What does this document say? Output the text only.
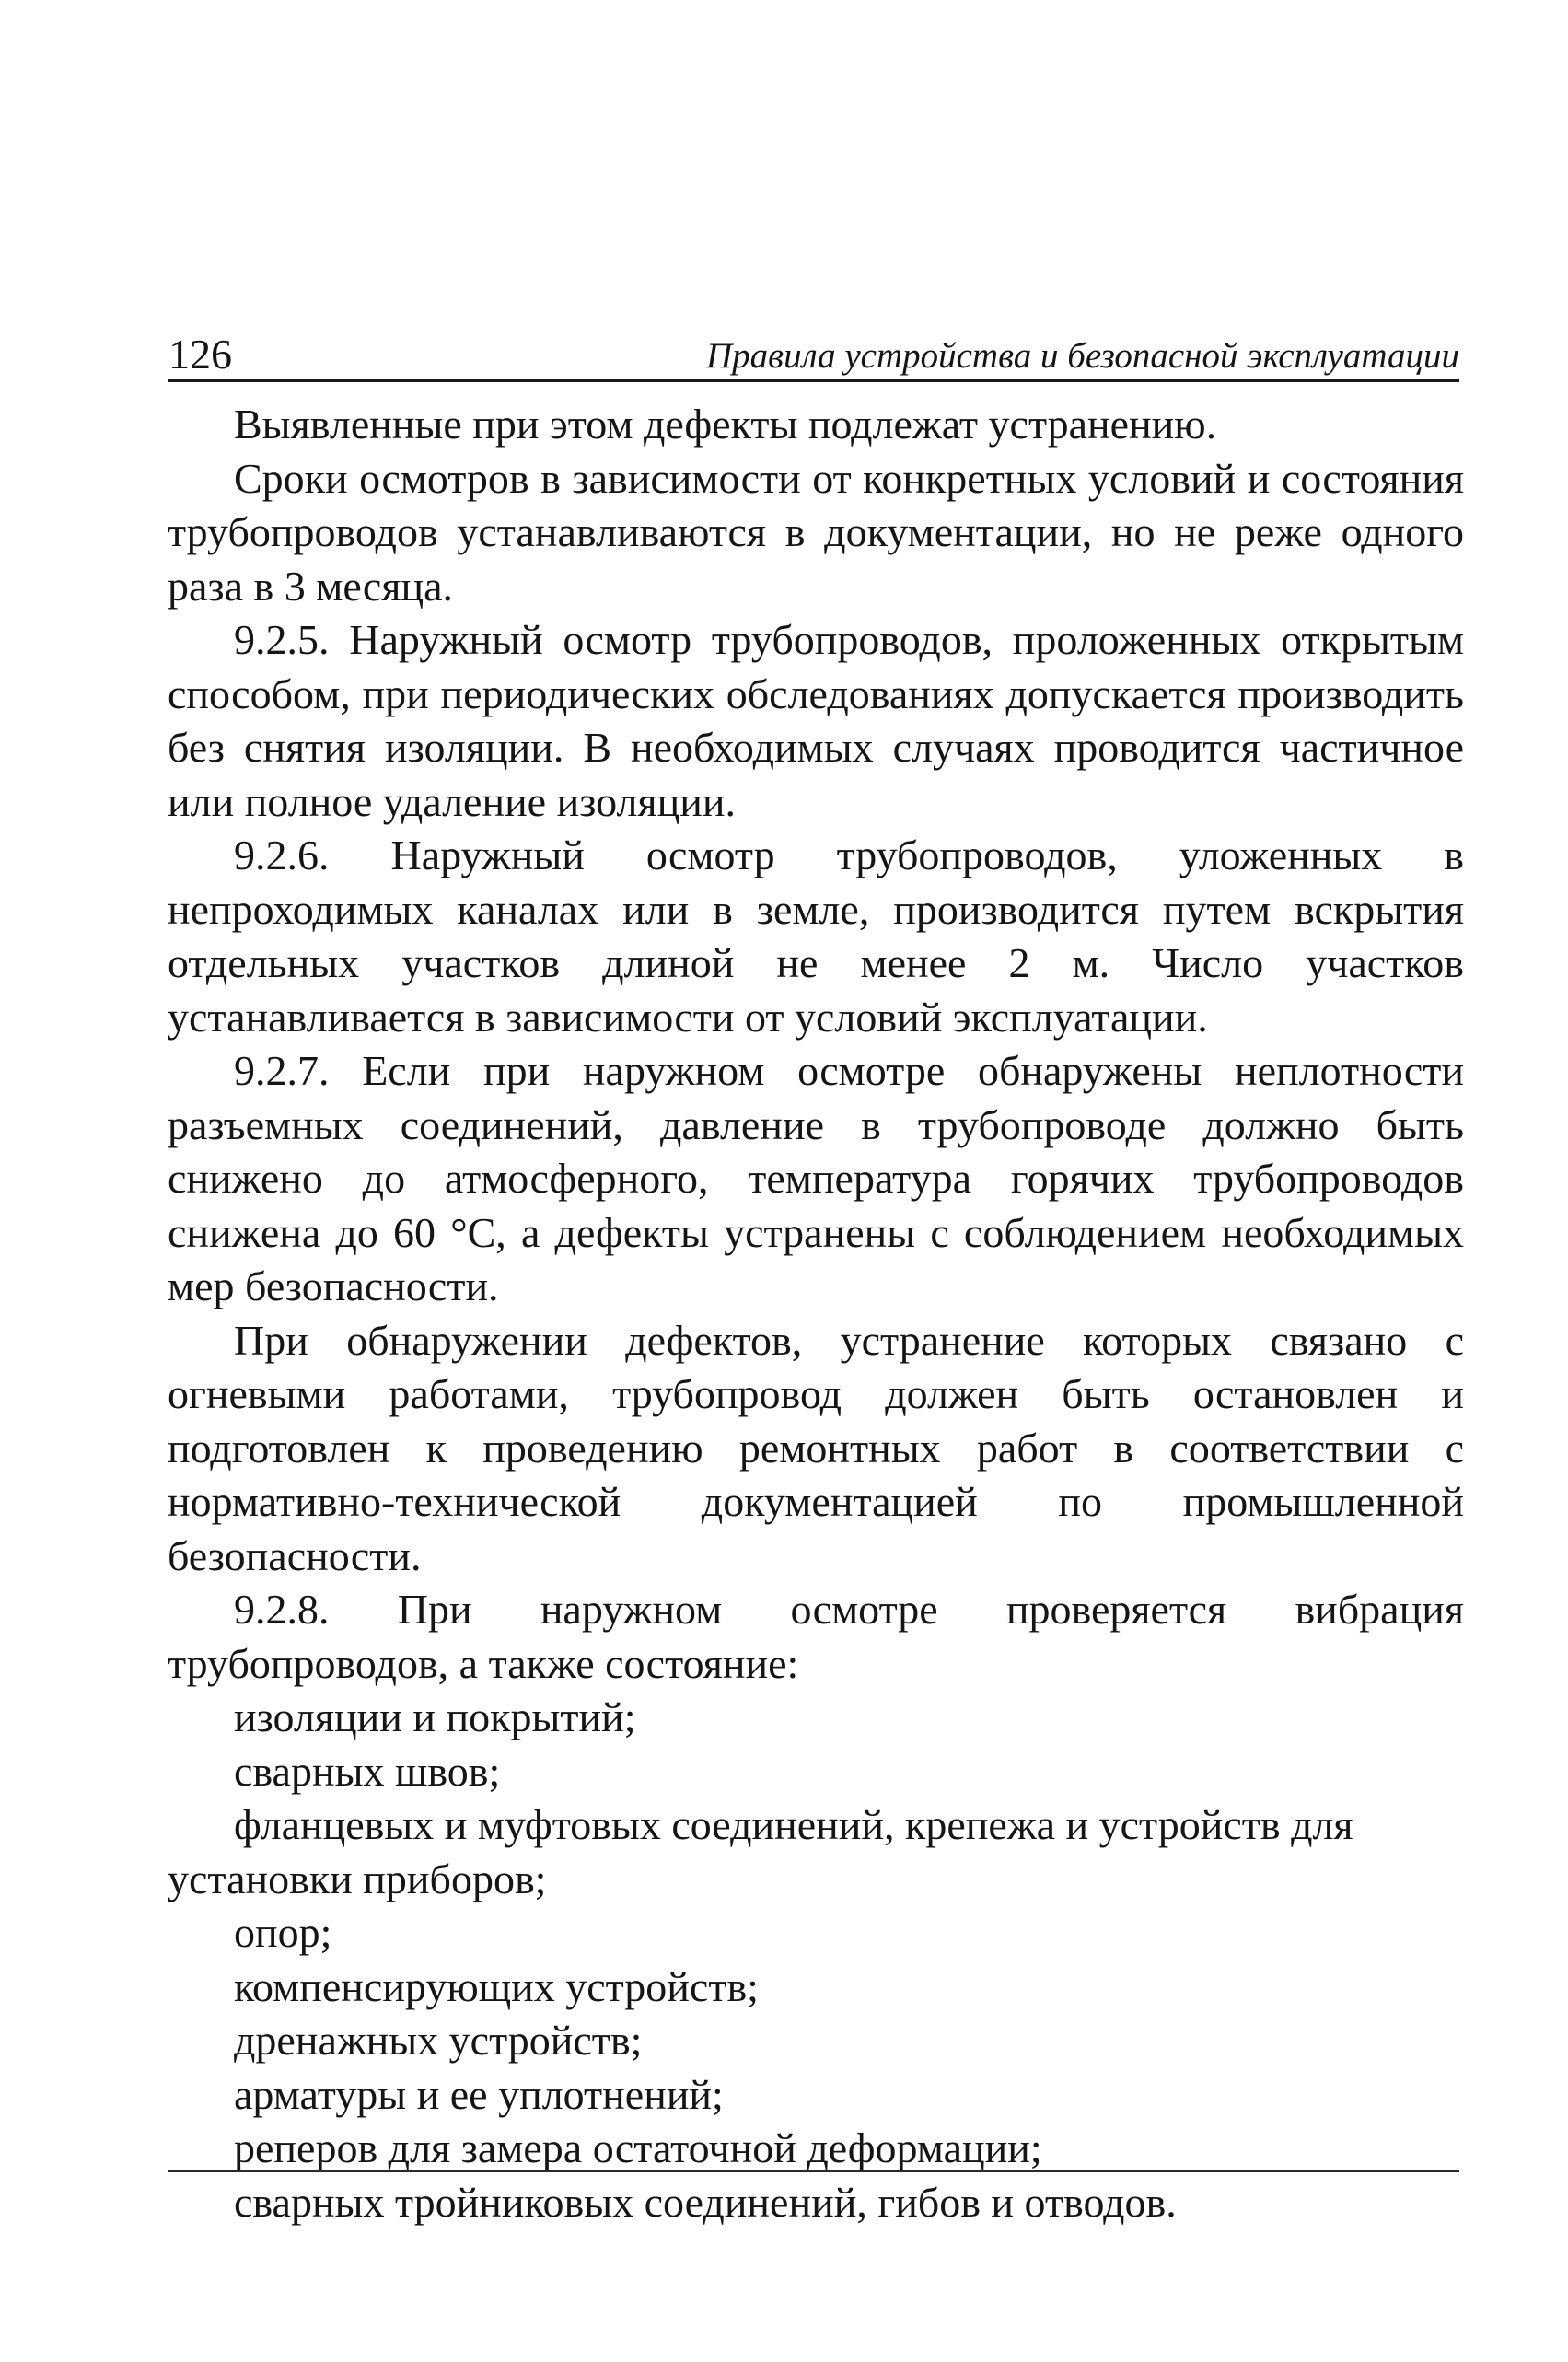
126	Правила устройства и безопасной эксплуатации

Выявленные при этом дефекты подлежат устранению.

Сроки осмотров в зависимости от конкретных условий и состояния трубопроводов устанавливаются в документации, но не реже одного раза в 3 месяца.

9.2.5. Наружный осмотр трубопроводов, проложенных открытым способом, при периодических обследованиях допускается производить без снятия изоляции. В необходимых случаях проводится частичное или полное удаление изоляции.

9.2.6. Наружный осмотр трубопроводов, уложенных в непроходимых каналах или в земле, производится путем вскрытия отдельных участков длиной не менее 2 м. Число участков устанавливается в зависимости от условий эксплуатации.

9.2.7. Если при наружном осмотре обнаружены неплотности разъемных соединений, давление в трубопроводе должно быть снижено до атмосферного, температура горячих трубопроводов снижена до 60 °С, а дефекты устранены с соблюдением необходимых мер безопасности.

При обнаружении дефектов, устранение которых связано с огневыми работами, трубопровод должен быть остановлен и подготовлен к проведению ремонтных работ в соответствии с нормативно-технической документацией по промышленной безопасности.

9.2.8. При наружном осмотре проверяется вибрация трубопроводов, а также состояние:

изоляции и покрытий;
сварных швов;
фланцевых и муфтовых соединений, крепежа и устройств для установки приборов;
опор;
компенсирующих устройств;
дренажных устройств;
арматуры и ее уплотнений;
реперов для замера остаточной деформации;
сварных тройниковых соединений, гибов и отводов.
